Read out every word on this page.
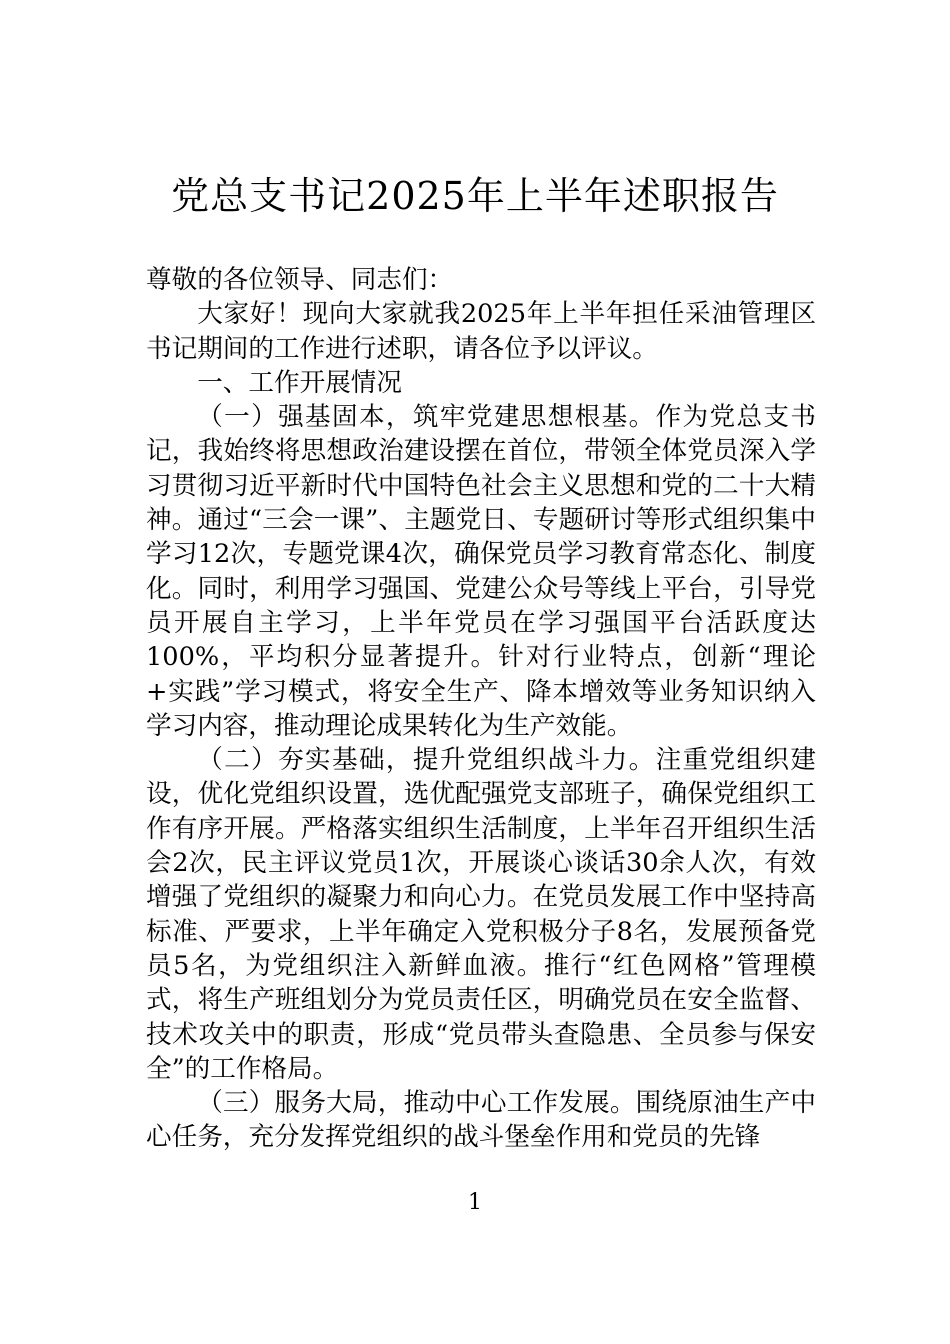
党总支书记2025年上半年述职报告

尊敬的各位领导、同志们：

大家好！现向大家就我2025年上半年担任采油管理区书记期间的工作进行述职，请各位予以评议。

一、工作开展情况

（一）强基固本，筑牢党建思想根基。作为党总支书记，我始终将思想政治建设摆在首位，带领全体党员深入学习贯彻习近平新时代中国特色社会主义思想和党的二十大精神。通过“三会一课”、主题党日、专题研讨等形式组织集中学习12次，专题党课4次，确保党员学习教育常态化、制度化。同时，利用学习强国、党建公众号等线上平台，引导党员开展自主学习，上半年党员在学习强国平台活跃度达100%，平均积分显著提升。针对行业特点，创新“理论+实践”学习模式，将安全生产、降本增效等业务知识纳入学习内容，推动理论成果转化为生产效能。

（二）夯实基础，提升党组织战斗力。注重党组织建设，优化党组织设置，选优配强党支部班子，确保党组织工作有序开展。严格落实组织生活制度，上半年召开组织生活会2次，民主评议党员1次，开展谈心谈话30余人次，有效增强了党组织的凝聚力和向心力。在党员发展工作中坚持高标准、严要求，上半年确定入党积极分子8名，发展预备党员5名，为党组织注入新鲜血液。推行“红色网格”管理模式，将生产班组划分为党员责任区，明确党员在安全监督、技术攻关中的职责，形成“党员带头查隐患、全员参与保安全”的工作格局。

（三）服务大局，推动中心工作发展。围绕原油生产中心任务，充分发挥党组织的战斗堡垒作用和党员的先锋

1
